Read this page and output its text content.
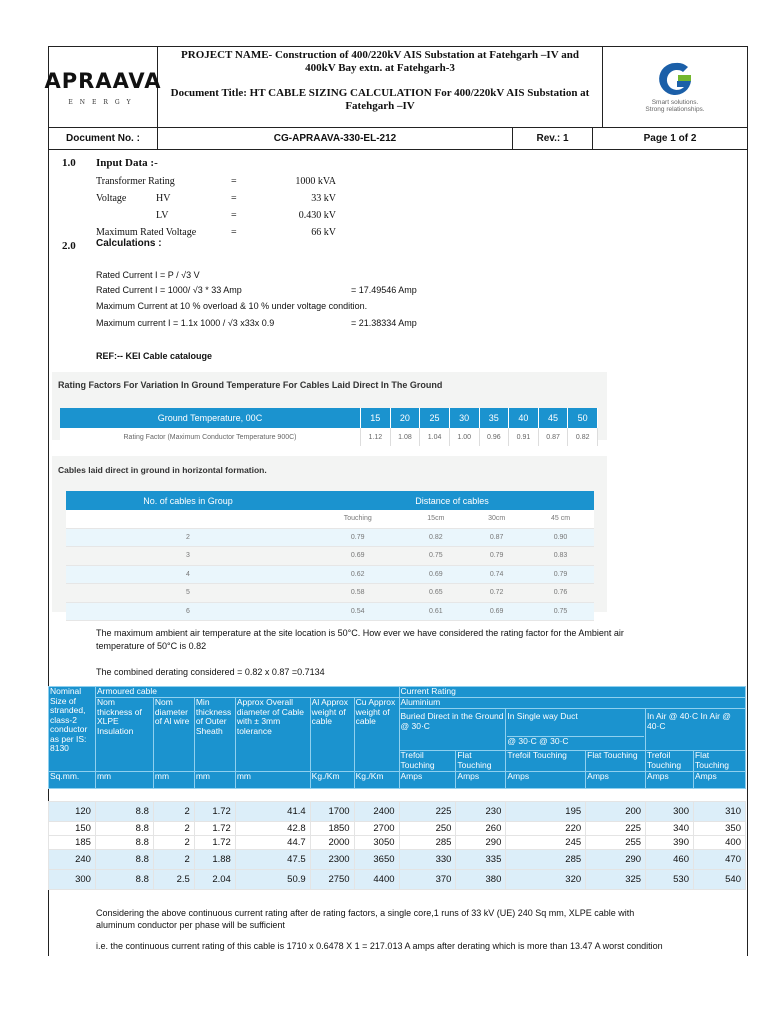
APRAAVA
ENERGY
PROJECT NAME- Construction of 400/220kV AIS Substation at Fatehgarh –IV and 400kV Bay extn. at Fatehgarh-3
Document Title: HT CABLE SIZING CALCULATION For 400/220kV AIS Substation at Fatehgarh –IV	Smart solutions.
Strong relationships.
Document No. :	CG-APRAAVA-330-EL-212	Rev.: 1	Page 1 of 2
1.0 Input Data :-
Transformer Rating	=	1000 kVA
Voltage	HV	=	33 kV
LV	=	0.430 kV
Maximum Rated Voltage	=	66 kV
2.0 Calculations :
Rated Current I = P / √3 V
Rated Current I = 1000/ √3 * 33 Amp	= 17.49546 Amp
Maximum Current at 10 % overload & 10 % under voltage condition.
Maximum current I = 1.1x 1000 / √3 x33x 0.9	= 21.38334 Amp
REF:-- KEI Cable catalouge
Rating Factors For Variation In Ground Temperature For Cables Laid Direct In The Ground
Ground Temperature, 00C	15	20	25	30	35	40	45	50
Rating Factor (Maximum Conductor Temperature 900C)	1.12	1.08	1.04	1.00	0.96	0.91	0.87	0.82
Cables laid direct in ground in horizontal formation.
No. of cables in Group	Distance of cables			
	Touching	15cm	30cm	45 cm
2	0.79	0.82	0.87	0.90
3	0.69	0.75	0.79	0.83
4	0.62	0.69	0.74	0.79
5	0.58	0.65	0.72	0.76
6	0.54	0.61	0.69	0.75
The maximum ambient air temperature at the site location is 50°C. How ever we have considered the rating factor for the Ambient air
temperature of 50°C is 0.82
The combined derating considered = 0.82 x 0.87 =0.7134
Nominal Size of stranded, class-2 conductor as per IS: 8130	Armoured cable						Current Rating					
	Nom thickness of XLPE Insulation	Nom diameter of Al wire	Min thickness of Outer Sheath	Approx Overall diameter of Cable with ± 3mm tolerance	Al Approx weight of cable	Cu Approx weight of cable	Aluminium					
							Buried Direct in the Ground @ 30·C		In Single way Duct
@ 30·C @ 30·C		In Air @ 40·C In Air @ 40·C	
							Trefoil Touching	Flat Touching	Trefoil Touching	Flat Touching	Trefoil Touching	Flat Touching
Sq.mm.	mm	mm	mm	mm	Kg./Km	Kg./Km	Amps	Amps	Amps	Amps	Amps	Amps

120	8.8	2	1.72	41.4	1700	2400	225	230	195	200	300	310
150	8.8	2	1.72	42.8	1850	2700	250	260	220	225	340	350
185	8.8	2	1.72	44.7	2000	3050	285	290	245	255	390	400
240	8.8	2	1.88	47.5	2300	3650	330	335	285	290	460	470
300	8.8	2.5	2.04	50.9	2750	4400	370	380	320	325	530	540
Considering the above continuous current rating after de rating factors, a single core,1 runs of 33 kV (UE) 240 Sq mm, XLPE cable with
aluminum conductor per phase will be sufficient
i.e. the continuous current rating of this cable is 1710 x 0.6478 X 1 = 217.013 A amps after derating which is more than 13.47 A worst condition
